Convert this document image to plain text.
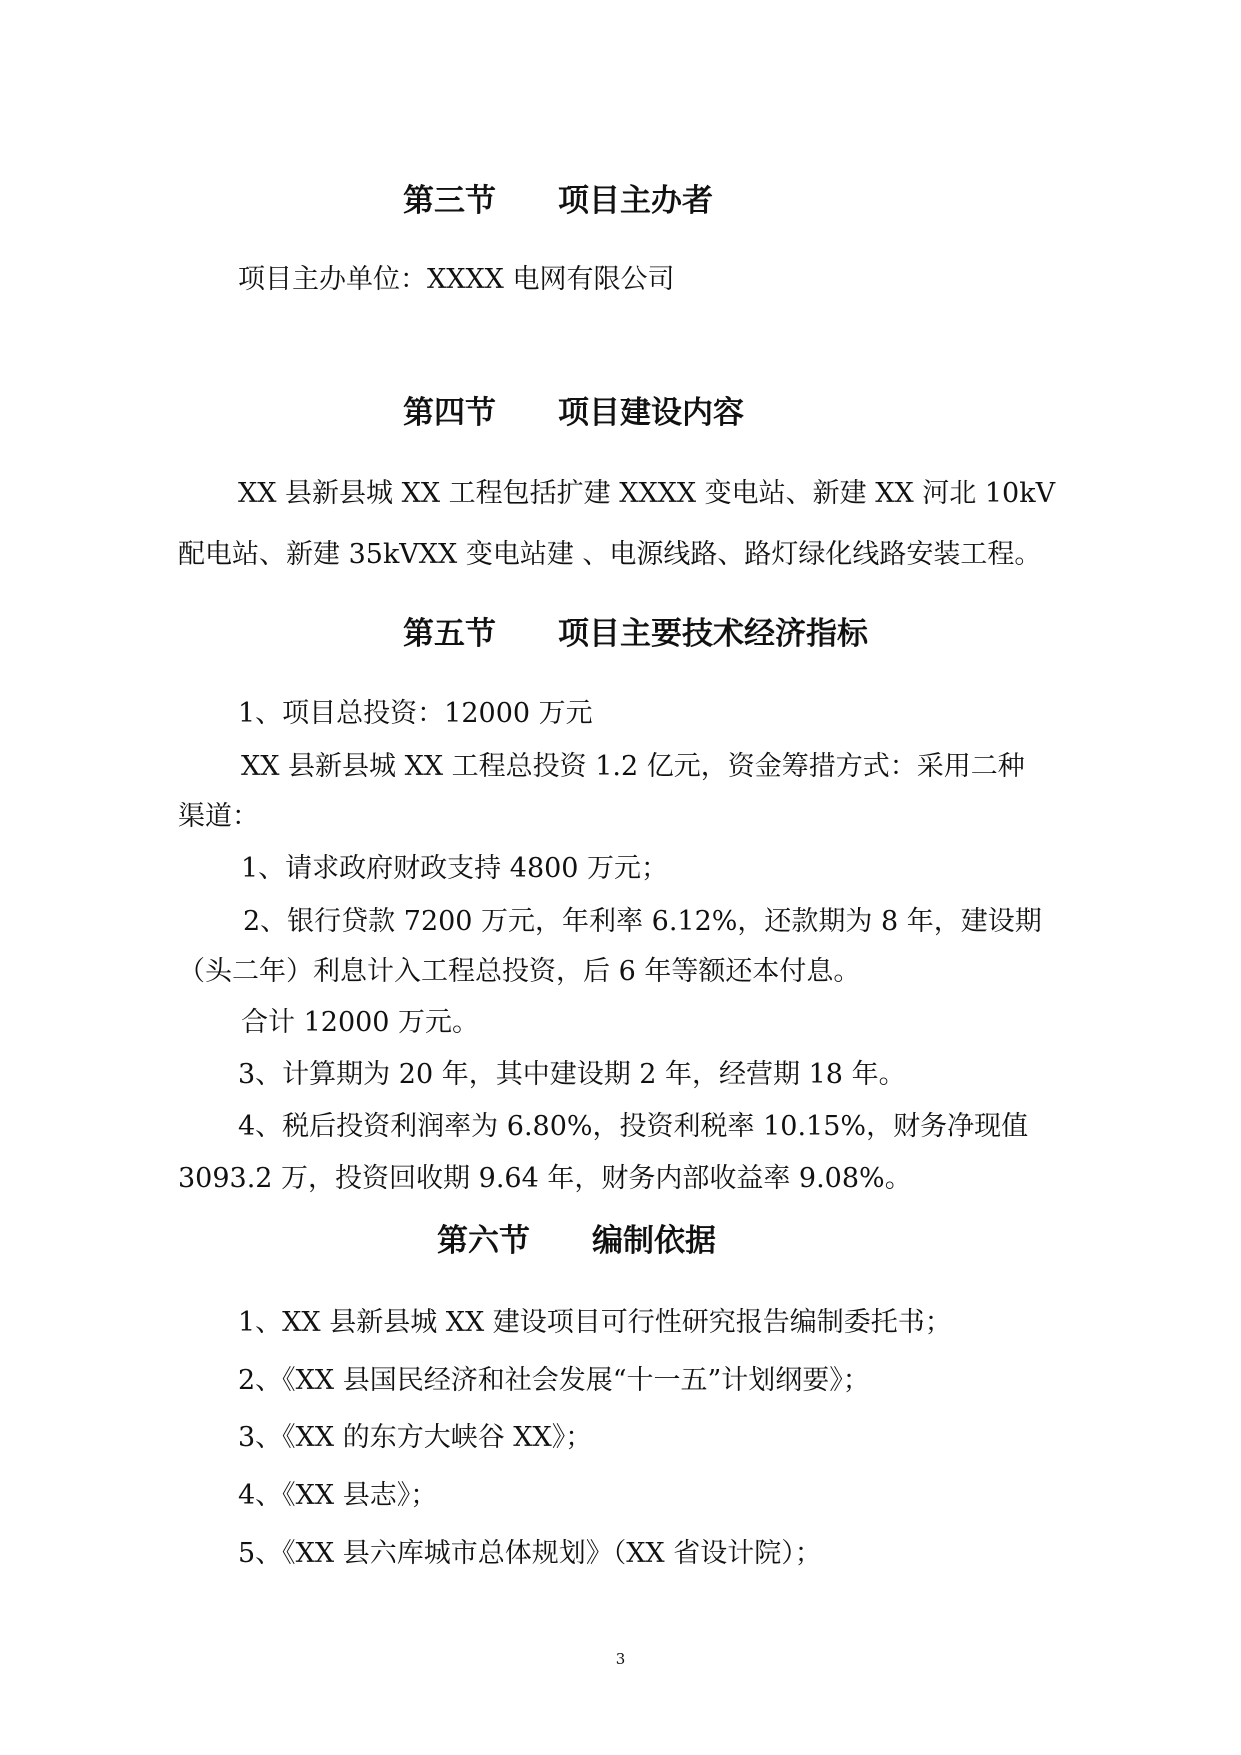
第三节 项目主办者

项目主办单位：XXXX 电网有限公司

第四节 项目建设内容

XX 县新县城 XX 工程包括扩建 XXXX 变电站、新建 XX 河北 10kV

配电站、新建 35kVXX 变电站建 、电源线路、路灯绿化线路安装工程。

第五节 项目主要技术经济指标

1、项目总投资：12000 万元

XX 县新县城 XX 工程总投资 1.2 亿元，资金筹措方式：采用二种

渠道：

1、请求政府财政支持 4800 万元；

2、银行贷款 7200 万元，年利率 6.12%，还款期为 8 年，建设期

（头二年）利息计入工程总投资，后 6 年等额还本付息。

合计 12000 万元。

3、计算期为 20 年，其中建设期 2 年，经营期 18 年。

4、税后投资利润率为 6.80%，投资利税率 10.15%，财务净现值

3093.2 万，投资回收期 9.64 年，财务内部收益率 9.08%。

第六节 编制依据

1、XX 县新县城 XX 建设项目可行性研究报告编制委托书；

2、《XX 县国民经济和社会发展“十一五”计划纲要》；

3、《XX 的东方大峡谷 XX》；

4、《XX 县志》；

5、《XX 县六库城市总体规划》（XX 省设计院）；

3
